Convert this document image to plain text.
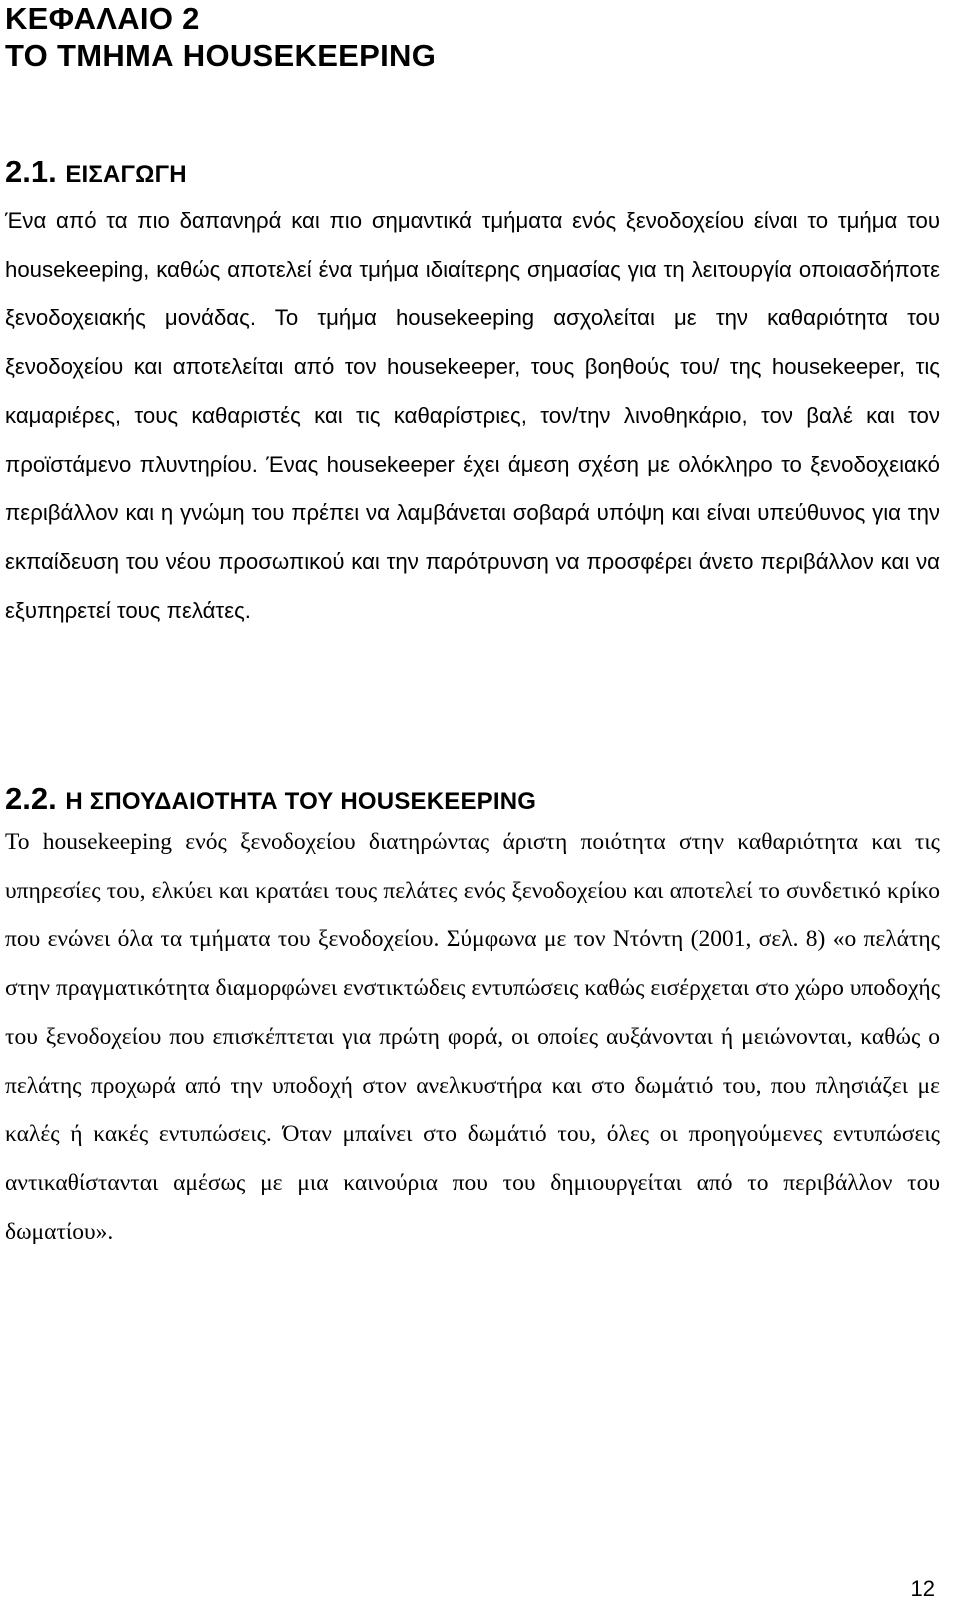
ΚΕΦΑΛΑΙΟ 2
ΤΟ ΤΜΗΜΑ HOUSEKEEPING
2.1. ΕΙΣΑΓΩΓΗ
Ένα από τα πιο δαπανηρά και πιο σημαντικά τμήματα ενός ξενοδοχείου είναι το τμήμα του housekeeping, καθώς αποτελεί ένα τμήμα ιδιαίτερης σημασίας για τη λειτουργία οποιασδήποτε ξενοδοχειακής μονάδας. Το τμήμα housekeeping ασχολείται με την καθαριότητα του ξενοδοχείου και αποτελείται από τον housekeeper, τους βοηθούς του/ της housekeeper, τις καμαριέρες, τους καθαριστές και τις καθαρίστριες, τον/την λινοθηκάριο, τον βαλέ και τον προϊστάμενο πλυντηρίου. Ένας housekeeper έχει άμεση σχέση με ολόκληρο το ξενοδοχειακό περιβάλλον και η γνώμη του πρέπει να λαμβάνεται σοβαρά υπόψη και είναι υπεύθυνος για την εκπαίδευση του νέου προσωπικού και την παρότρυνση να προσφέρει άνετο περιβάλλον και να εξυπηρετεί τους πελάτες.
2.2. Η ΣΠΟΥΔΑΙΟΤΗΤΑ ΤΟΥ HOUSEKEEPING
Το housekeeping ενός ξενοδοχείου διατηρώντας άριστη ποιότητα στην καθαριότητα και τις υπηρεσίες του, ελκύει και κρατάει τους πελάτες ενός ξενοδοχείου και αποτελεί το συνδετικό κρίκο που ενώνει όλα τα τμήματα του ξενοδοχείου. Σύμφωνα με τον Ντόντη (2001, σελ. 8) «ο πελάτης στην πραγματικότητα διαμορφώνει ενστικτώδεις εντυπώσεις καθώς εισέρχεται στο χώρο υποδοχής του ξενοδοχείου που επισκέπτεται για πρώτη φορά, οι οποίες αυξάνονται ή μειώνονται, καθώς ο πελάτης προχωρά από την υποδοχή στον ανελκυστήρα και στο δωμάτιό του, που πλησιάζει με καλές ή κακές εντυπώσεις. Όταν μπαίνει στο δωμάτιό του, όλες οι προηγούμενες εντυπώσεις αντικαθίστανται αμέσως με μια καινούρια που του δημιουργείται από το περιβάλλον του δωματίου».
12
